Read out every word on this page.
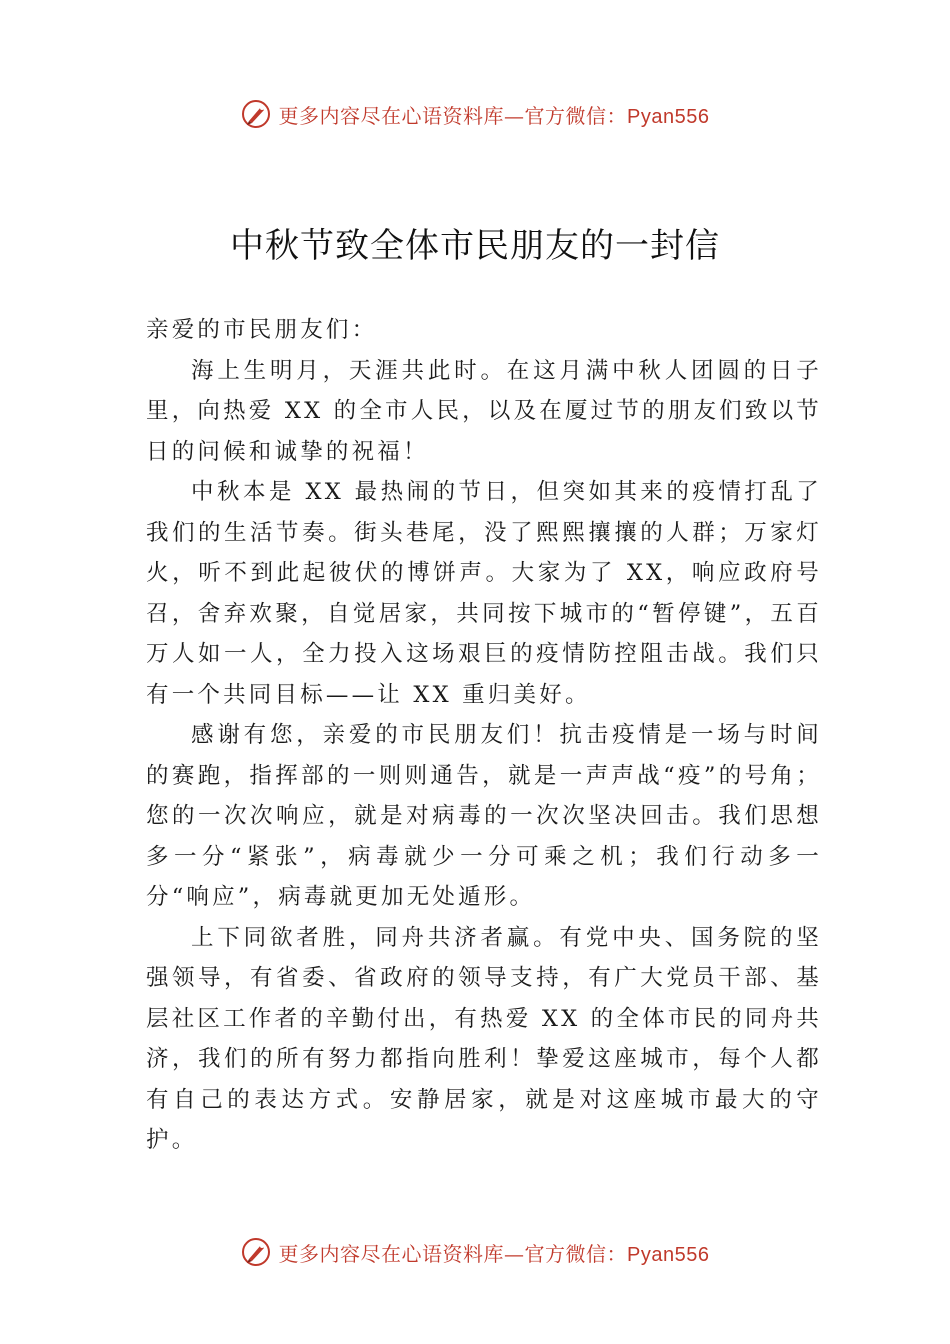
更多内容尽在心语资料库—官方微信：Pyan556
中秋节致全体市民朋友的一封信

亲爱的市民朋友们：

海上生明月，天涯共此时。在这月满中秋人团圆的日子里，向热爱 XX 的全市人民，以及在厦过节的朋友们致以节日的问候和诚挚的祝福！

中秋本是 XX 最热闹的节日，但突如其来的疫情打乱了我们的生活节奏。街头巷尾，没了熙熙攘攘的人群；万家灯火，听不到此起彼伏的博饼声。大家为了 XX，响应政府号召，舍弃欢聚，自觉居家，共同按下城市的“暂停键”，五百万人如一人，全力投入这场艰巨的疫情防控阻击战。我们只有一个共同目标——让 XX 重归美好。

感谢有您，亲爱的市民朋友们！抗击疫情是一场与时间的赛跑，指挥部的一则则通告，就是一声声战“疫”的号角；您的一次次响应，就是对病毒的一次次坚决回击。我们思想多一分“紧张”，病毒就少一分可乘之机；我们行动多一分“响应”，病毒就更加无处遁形。

上下同欲者胜，同舟共济者赢。有党中央、国务院的坚强领导，有省委、省政府的领导支持，有广大党员干部、基层社区工作者的辛勤付出，有热爱 XX 的全体市民的同舟共济，我们的所有努力都指向胜利！挚爱这座城市，每个人都有自己的表达方式。安静居家，就是对这座城市最大的守护。

更多内容尽在心语资料库—官方微信：Pyan556
